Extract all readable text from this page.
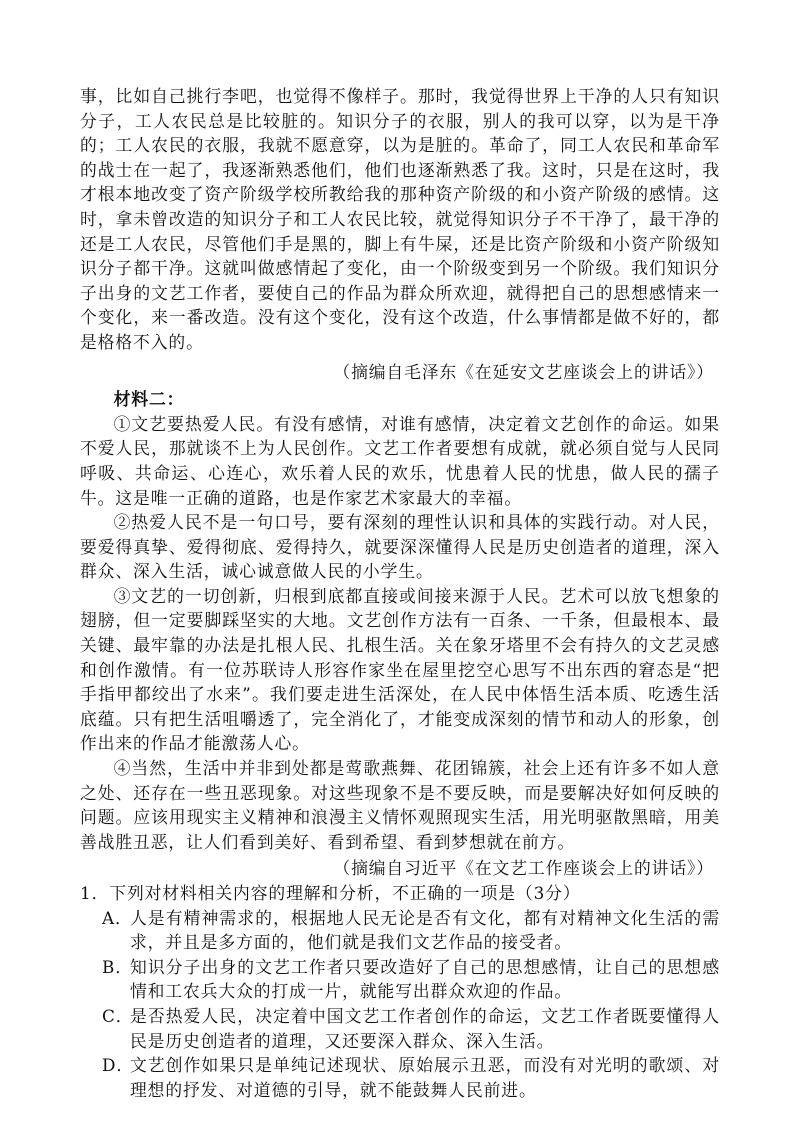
事，比如自己挑行李吧，也觉得不像样子。那时，我觉得世界上干净的人只有知识分子，工人农民总是比较脏的。知识分子的衣服，别人的我可以穿，以为是干净的；工人农民的衣服，我就不愿意穿，以为是脏的。革命了，同工人农民和革命军的战士在一起了，我逐渐熟悉他们，他们也逐渐熟悉了我。这时，只是在这时，我才根本地改变了资产阶级学校所教给我的那种资产阶级的和小资产阶级的感情。这时，拿未曾改造的知识分子和工人农民比较，就觉得知识分子不干净了，最干净的还是工人农民，尽管他们手是黑的，脚上有牛屎，还是比资产阶级和小资产阶级知识分子都干净。这就叫做感情起了变化，由一个阶级变到另一个阶级。我们知识分子出身的文艺工作者，要使自己的作品为群众所欢迎，就得把自己的思想感情来一个变化，来一番改造。没有这个变化，没有这个改造，什么事情都是做不好的，都是格格不入的。

（摘编自毛泽东《在延安文艺座谈会上的讲话》）

材料二：

①文艺要热爱人民。有没有感情，对谁有感情，决定着文艺创作的命运。如果不爱人民，那就谈不上为人民创作。文艺工作者要想有成就，就必须自觉与人民同呼吸、共命运、心连心，欢乐着人民的欢乐，忧患着人民的忧患，做人民的孺子牛。这是唯一正确的道路，也是作家艺术家最大的幸福。

②热爱人民不是一句口号，要有深刻的理性认识和具体的实践行动。对人民，要爱得真挚、爱得彻底、爱得持久，就要深深懂得人民是历史创造者的道理，深入群众、深入生活，诚心诚意做人民的小学生。

③文艺的一切创新，归根到底都直接或间接来源于人民。艺术可以放飞想象的翅膀，但一定要脚踩坚实的大地。文艺创作方法有一百条、一千条，但最根本、最关键、最牢靠的办法是扎根人民、扎根生活。关在象牙塔里不会有持久的文艺灵感和创作激情。有一位苏联诗人形容作家坐在屋里挖空心思写不出东西的窘态是“把手指甲都绞出了水来”。我们要走进生活深处，在人民中体悟生活本质、吃透生活底蕴。只有把生活咀嚼透了，完全消化了，才能变成深刻的情节和动人的形象，创作出来的作品才能激荡人心。

④当然，生活中并非到处都是莺歌燕舞、花团锦簇，社会上还有许多不如人意之处、还存在一些丑恶现象。对这些现象不是不要反映，而是要解决好如何反映的问题。应该用现实主义精神和浪漫主义情怀观照现实生活，用光明驱散黑暗，用美善战胜丑恶，让人们看到美好、看到希望、看到梦想就在前方。

（摘编自习近平《在文艺工作座谈会上的讲话》）

1．下列对材料相关内容的理解和分析，不正确的一项是（3分）

A．
人是有精神需求的，根据地人民无论是否有文化，都有对精神文化生活的需求，并且是多方面的，他们就是我们文艺作品的接受者。
B．
知识分子出身的文艺工作者只要改造好了自己的思想感情，让自己的思想感情和工农兵大众的打成一片，就能写出群众欢迎的作品。
C．
是否热爱人民，决定着中国文艺工作者创作的命运，文艺工作者既要懂得人民是历史创造者的道理，又还要深入群众、深入生活。
D．
文艺创作如果只是单纯记述现状、原始展示丑恶，而没有对光明的歌颂、对理想的抒发、对道德的引导，就不能鼓舞人民前进。
